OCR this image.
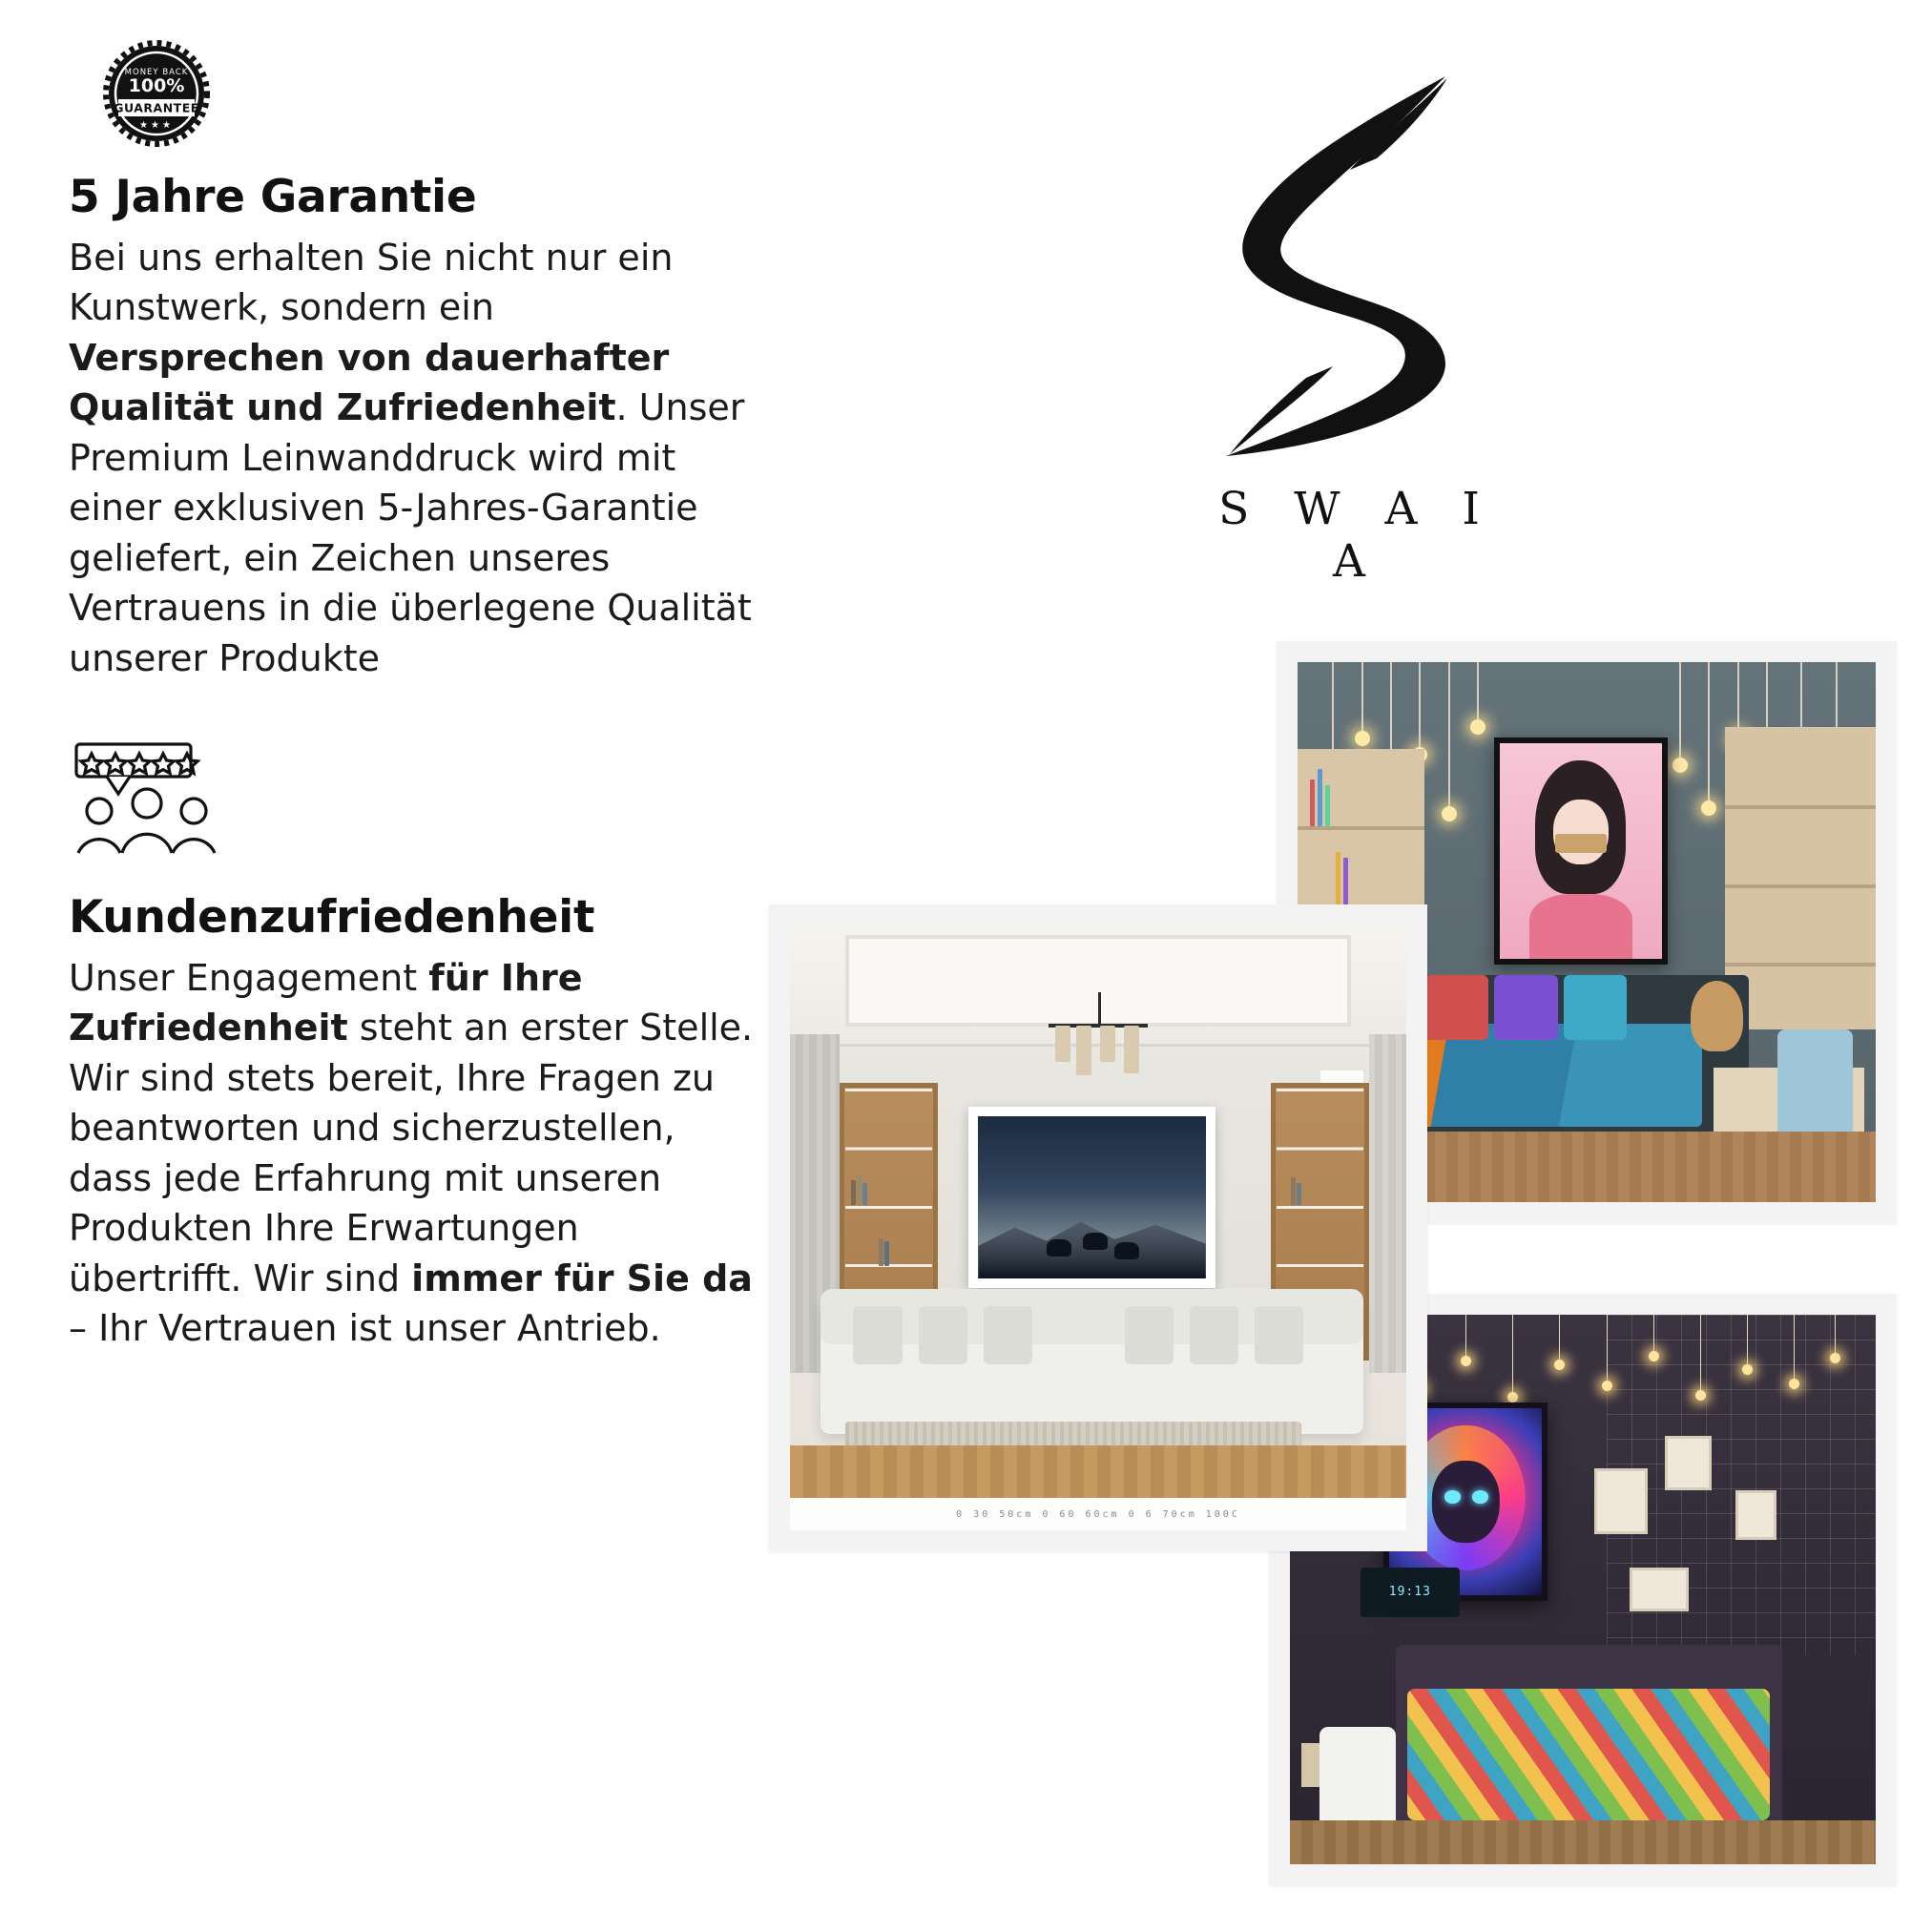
MONEY BACK
100%
GUARANTEE
★★★
5 Jahre Garantie

Bei uns erhalten Sie nicht nur ein Kunstwerk, sondern ein Versprechen von dauerhafter Qualität und Zufriedenheit. Unser Premium Leinwanddruck wird mit einer exklusiven 5-Jahres-Garantie geliefert, ein Zeichen unseres Vertrauens in die überlegene Qualität unserer Produkte

Kundenzufriedenheit

Unser Engagement für Ihre Zufriedenheit steht an erster Stelle. Wir sind stets bereit, Ihre Fragen zu beantworten und sicherzustellen, dass jede Erfahrung mit unseren Produkten Ihre Erwartungen übertrifft. Wir sind immer für Sie da – Ihr Vertrauen ist unser Antrieb.

S W A I A
0 30 50cm 0 60 60cm 0 6 70cm 100C
19:13
